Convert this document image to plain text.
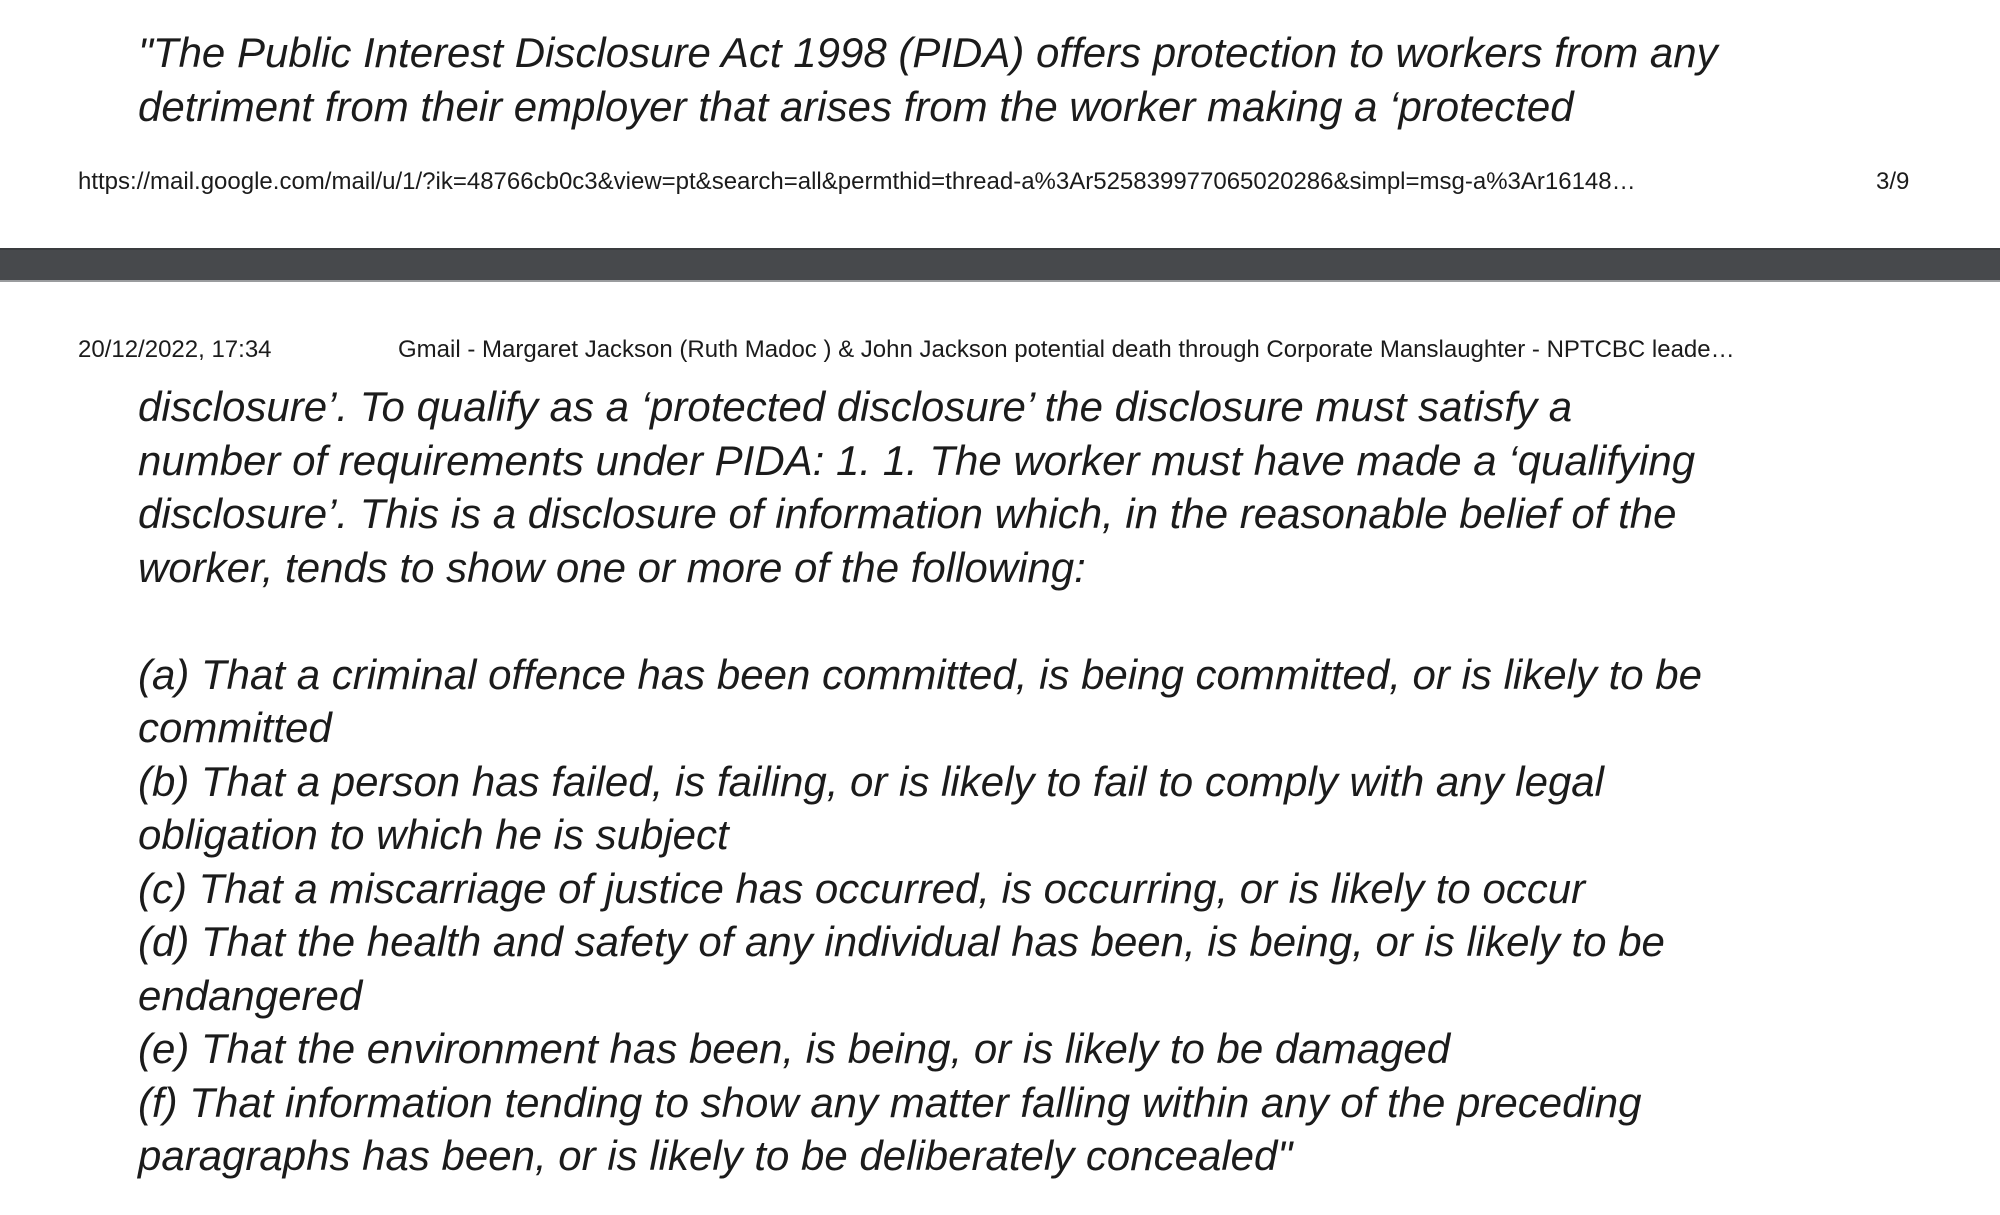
"The Public Interest Disclosure Act 1998 (PIDA) offers protection to workers from any
detriment from their employer that arises from the worker making a ‘protected
https://mail.google.com/mail/u/1/?ik=48766cb0c3&view=pt&search=all&permthid=thread-a%3Ar5258399770650202​86&simpl=msg-a%3Ar16148…	3/9
20/12/2022, 17:34	Gmail - Margaret Jackson (Ruth Madoc ) & John Jackson potential death through Corporate Manslaughter - NPTCBC leade…
disclosure’. To qualify as a ‘protected disclosure’ the disclosure must satisfy a
number of requirements under PIDA: 1. 1. The worker must have made a ‘qualifying
disclosure’. This is a disclosure of information which, in the reasonable belief of the
worker, tends to show one or more of the following:
(a) That a criminal offence has been committed, is being committed, or is likely to be
committed
(b) That a person has failed, is failing, or is likely to fail to comply with any legal
obligation to which he is subject
(c) That a miscarriage of justice has occurred, is occurring, or is likely to occur
(d) That the health and safety of any individual has been, is being, or is likely to be
endangered
(e) That the environment has been, is being, or is likely to be damaged
(f) That information tending to show any matter falling within any of the preceding
paragraphs has been, or is likely to be deliberately concealed"
